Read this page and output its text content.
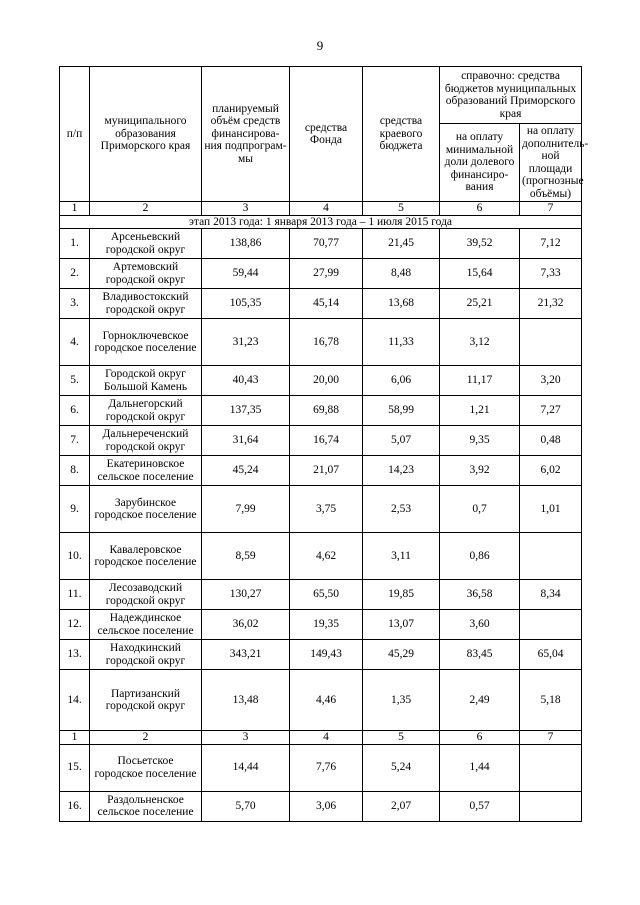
9
п/п	муниципального образования Приморского края	планируемый объём средств финансирова-ния подпрограм-мы	средства Фонда	средства краевого бюджета	справочно: средства бюджетов муниципальных образований Приморского края	
					на оплату минимальной доли долевого финансиро-вания	на оплату дополнитель-ной площади (прогнозные объёмы)
1	2	3	4	5	6	7
этап 2013 года: 1 января 2013 года – 1 июля 2015 года						
1.	Арсеньевский городской округ	138,86	70,77	21,45	39,52	7,12
2.	Артемовский городской округ	59,44	27,99	8,48	15,64	7,33
3.	Владивостокский городской округ	105,35	45,14	13,68	25,21	21,32
4.	Горноключевское городское поселение	31,23	16,78	11,33	3,12	
5.	Городской округ Большой Камень	40,43	20,00	6,06	11,17	3,20
6.	Дальнегорский городской округ	137,35	69,88	58,99	1,21	7,27
7.	Дальнереченский городской округ	31,64	16,74	5,07	9,35	0,48
8.	Екатериновское сельское поселение	45,24	21,07	14,23	3,92	6,02
9.	Зарубинское городское поселение	7,99	3,75	2,53	0,7	1,01
10.	Кавалеровское городское поселение	8,59	4,62	3,11	0,86	
11.	Лесозаводский городской округ	130,27	65,50	19,85	36,58	8,34
12.	Надеждинское сельское поселение	36,02	19,35	13,07	3,60	
13.	Находкинский городской округ	343,21	149,43	45,29	83,45	65,04
14.	Партизанский городской округ	13,48	4,46	1,35	2,49	5,18
1	2	3	4	5	6	7
15.	Посьетское городское поселение	14,44	7,76	5,24	1,44	
16.	Раздольненское сельское поселение	5,70	3,06	2,07	0,57	
